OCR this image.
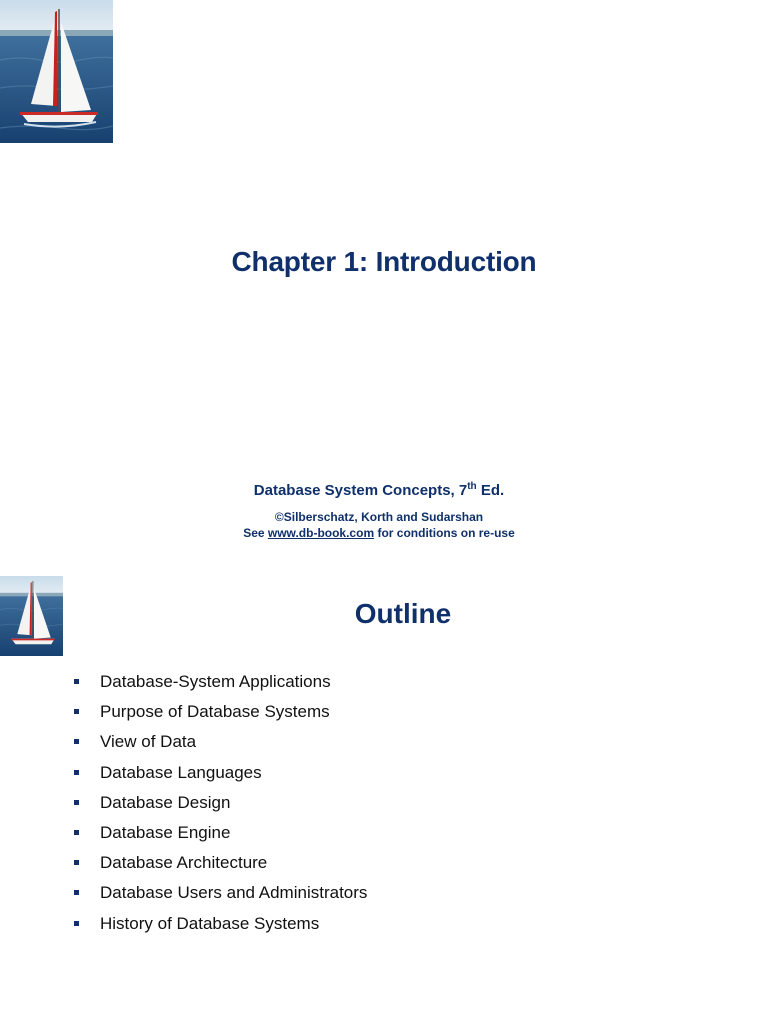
Chapter 1: Introduction
Database System Concepts, 7th Ed.
©Silberschatz, Korth and Sudarshan
See www.db-book.com for conditions on re-use
Outline
Database-System Applications
Purpose of Database Systems
View of Data
Database Languages
Database Design
Database Engine
Database Architecture
Database Users and Administrators
History of Database Systems
